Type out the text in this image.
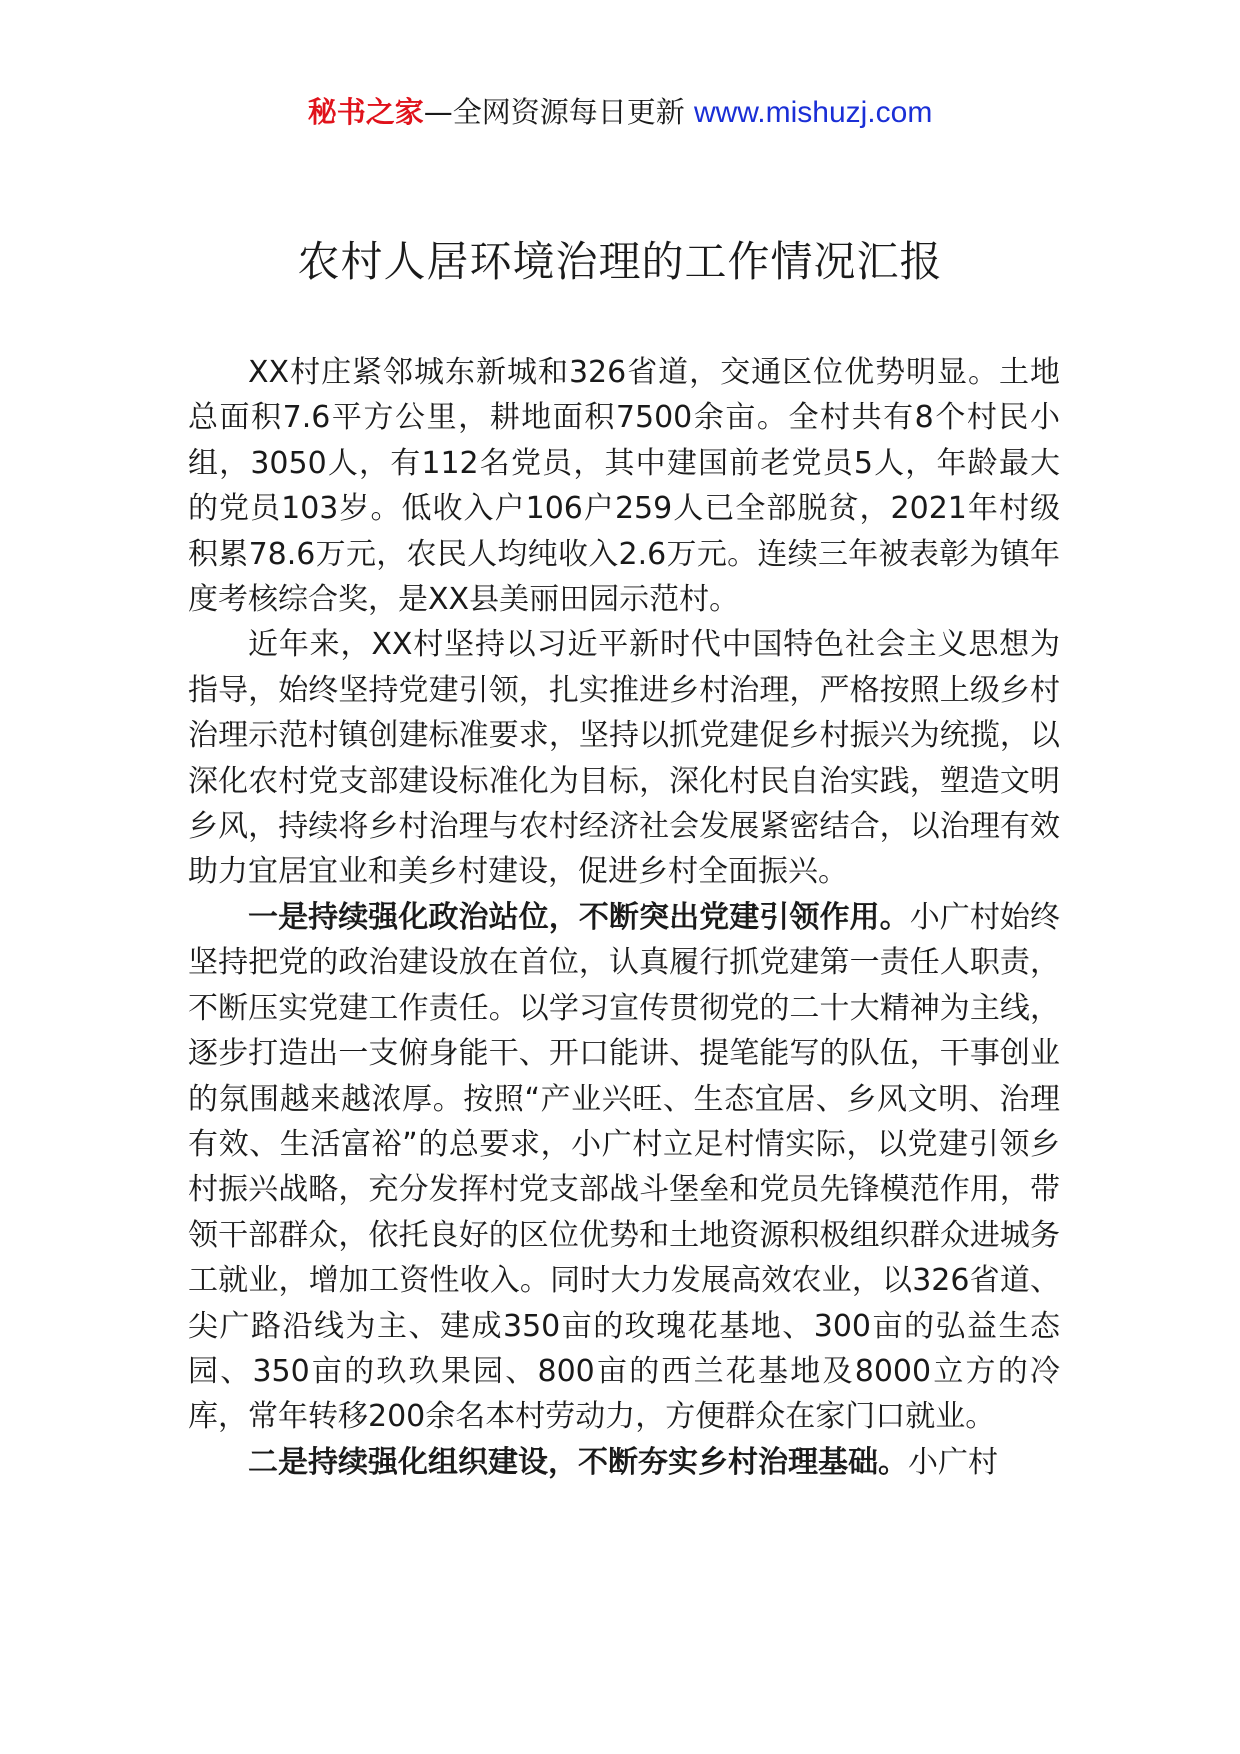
秘书之家—全网资源每日更新 www.mishuzj.com
农村人居环境治理的工作情况汇报

XX村庄紧邻城东新城和326省道，交通区位优势明显。土地总面积7.6平方公里，耕地面积7500余亩。全村共有8个村民小组，3050人，有112名党员，其中建国前老党员5人，年龄最大的党员103岁。低收入户106户259人已全部脱贫，2021年村级积累78.6万元，农民人均纯收入2.6万元。连续三年被表彰为镇年度考核综合奖，是XX县美丽田园示范村。

近年来，XX村坚持以习近平新时代中国特色社会主义思想为指导，始终坚持党建引领，扎实推进乡村治理，严格按照上级乡村治理示范村镇创建标准要求，坚持以抓党建促乡村振兴为统揽，以深化农村党支部建设标准化为目标，深化村民自治实践，塑造文明乡风，持续将乡村治理与农村经济社会发展紧密结合，以治理有效助力宜居宜业和美乡村建设，促进乡村全面振兴。

一是持续强化政治站位，不断突出党建引领作用。小广村始终坚持把党的政治建设放在首位，认真履行抓党建第一责任人职责，不断压实党建工作责任。以学习宣传贯彻党的二十大精神为主线，逐步打造出一支俯身能干、开口能讲、提笔能写的队伍，干事创业的氛围越来越浓厚。按照“产业兴旺、生态宜居、乡风文明、治理有效、生活富裕”的总要求，小广村立足村情实际，以党建引领乡村振兴战略，充分发挥村党支部战斗堡垒和党员先锋模范作用，带领干部群众，依托良好的区位优势和土地资源积极组织群众进城务工就业，增加工资性收入。同时大力发展高效农业，以326省道、尖广路沿线为主、建成350亩的玫瑰花基地、300亩的弘益生态园、350亩的玖玖果园、800亩的西兰花基地及8000立方的冷库，常年转移200余名本村劳动力，方便群众在家门口就业。

二是持续强化组织建设，不断夯实乡村治理基础。小广村
